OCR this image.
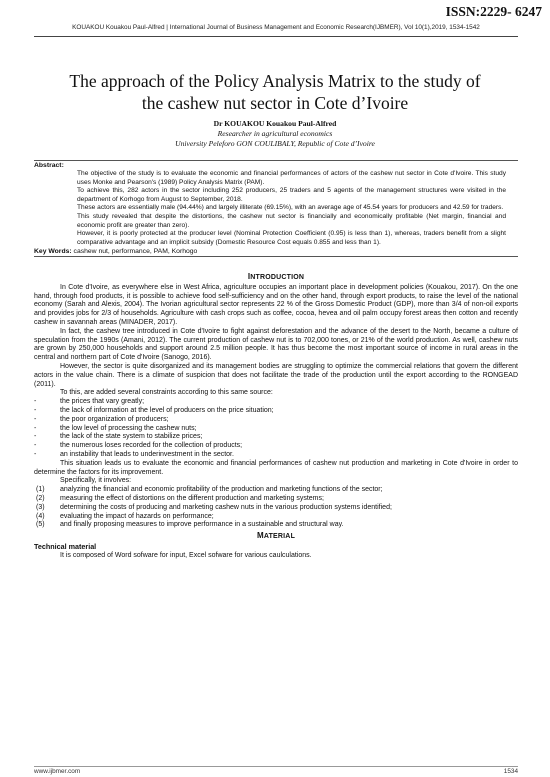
ISSN:2229- 6247
KOUAKOU Kouakou Paul-Alfred | International Journal of Business Management and Economic Research(IJBMER), Vol 10(1),2019, 1534-1542
The approach of the Policy Analysis Matrix to the study of
the cashew nut sector in Cote d’Ivoire
Dr KOUAKOU Kouakou Paul-Alfred
Researcher in agricultural economics
University Peleforo GON COULIBALY, Republic of Cote d’Ivoire
Abstract:

The objective of the study is to evaluate the economic and financial performances of actors of the cashew nut sector in Cote d'Ivoire. This study uses Monke and Pearson's (1989) Policy Analysis Matrix (PAM).

To achieve this, 282 actors in the sector including 252 producers, 25 traders and 5 agents of the management structures were visited in the department of Korhogo from August to September, 2018.

These actors are essentially male (94.44%) and largely illiterate (69.15%), with an average age of 45.54 years for producers and 42.59 for traders.

This study revealed that despite the distortions, the cashew nut sector is financially and economically profitable (Net margin, financial and economic profit are greater than zero).

However, it is poorly protected at the producer level (Nominal Protection Coefficient (0.95) is less than 1), whereas, traders benefit from a slight comparative advantage and an implicit subsidy (Domestic Resource Cost equals 0.855 and less than 1).

Key Words: cashew nut, performance, PAM, Korhogo
INTRODUCTION

In Cote d'Ivoire, as everywhere else in West Africa, agriculture occupies an important place in development policies (Kouakou, 2017). On the one hand, through food products, it is possible to achieve food self-sufficiency and on the other hand, through export products, to raise the level of the national economy (Sarah and Alexis, 2004). The Ivorian agricultural sector represents 22 % of the Gross Domestic Product (GDP), more than 3/4 of non-oil exports and provides jobs for 2/3 of households. Agriculture with cash crops such as coffee, cocoa, hevea and oil palm occupy forest areas then cotton and recently cashew in savannah areas (MINADER, 2017).

In fact, the cashew tree introduced in Cote d'Ivoire to fight against deforestation and the advance of the desert to the North, became a culture of speculation from the 1990s (Amani, 2012). The current production of cashew nut is to 702,000 tones, or 21% of the world production. As well, cashew nuts are grown by 250,000 households and support around 2.5 million people. It has thus become the most important source of income in rural areas in the central and northern part of Cote d'Ivoire (Sanogo, 2016).

However, the sector is quite disorganized and its management bodies are struggling to optimize the commercial relations that govern the different actors in the value chain. There is a climate of suspicion that does not facilitate the trade of the production until the export according to the RONGEAD (2011).

To this, are added several constraints according to this same source:

-	the prices that vary greatly;
-	the lack of information at the level of producers on the price situation;
-	the poor organization of producers;
-	the low level of processing the cashew nuts;
-	the lack of the state system to stabilize prices;
-	the numerous loses recorded for the collection of products;
-	an instability that leads to underinvestment in the sector.

This situation leads us to evaluate the economic and financial performances of cashew nut production and marketing in Cote d'Ivoire in order to determine the factors for its improvement.

Specifically, it involves:

(1) analyzing the financial and economic profitability of the production and marketing functions of the sector;
(2) measuring the effect of distortions on the different production and marketing systems;
(3) determining the costs of producing and marketing cashew nuts in the various production systems identified;
(4) evaluating the impact of hazards on performance;
(5) and finally proposing measures to improve performance in a sustainable and structural way.
MATERIAL
Technical material
It is composed of Word sofware for input, Excel sofware for various caulculations.
www.ijbmer.com	1534
